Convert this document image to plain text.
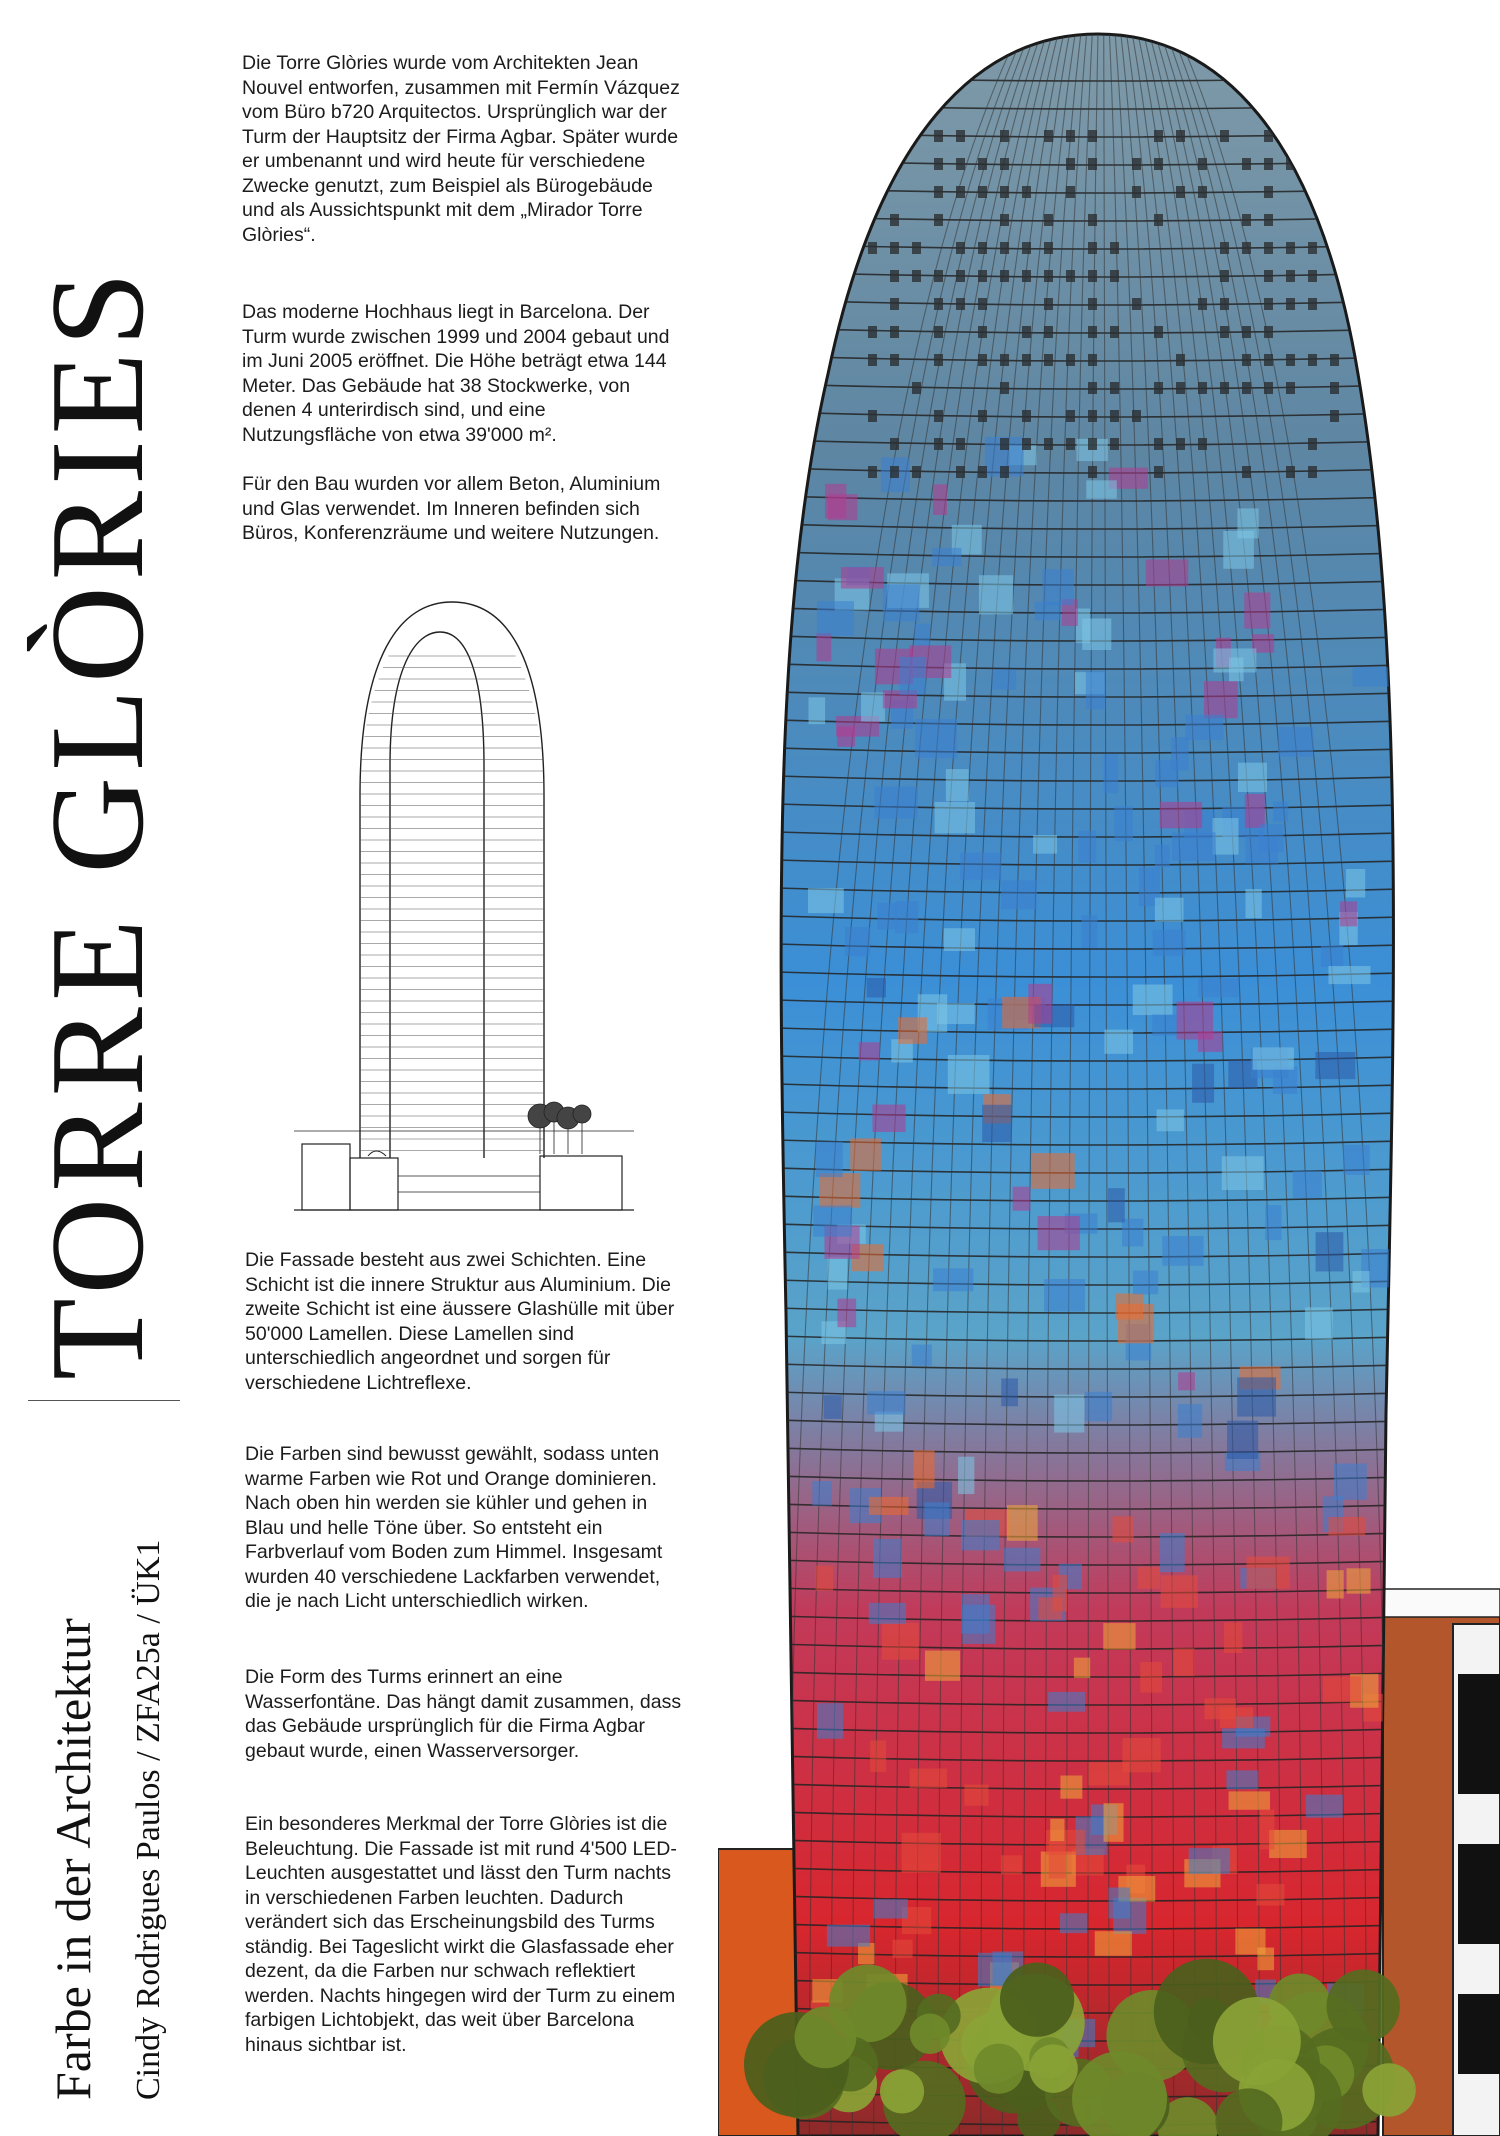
TORRE GLÒRIES
Farbe in der Architektur Cindy Rodrigues Paulos / ZFA25a / ÜK1

Die Torre Glòries wurde vom Architekten Jean Nouvel entworfen, zusammen mit Fermín Vázquez vom Büro b720 Arquitectos. Ursprünglich war der Turm der Hauptsitz der Firma Agbar. Später wurde er umbenannt und wird heute für verschiedene Zwecke genutzt, zum Beispiel als Bürogebäude und als Aussichtspunkt mit dem „Mirador Torre Glòries“.

Das moderne Hochhaus liegt in Barcelona. Der Turm wurde zwischen 1999 und 2004 gebaut und im Juni 2005 eröffnet. Die Höhe beträgt etwa 144 Meter. Das Gebäude hat 38 Stockwerke, von denen 4 unterirdisch sind, und eine Nutzungsfläche von etwa 39'000 m².

Für den Bau wurden vor allem Beton, Aluminium und Glas verwendet. Im Inneren befinden sich Büros, Konferenzräume und weitere Nutzungen.

Die Fassade besteht aus zwei Schichten. Eine Schicht ist die innere Struktur aus Aluminium. Die zweite Schicht ist eine äussere Glashülle mit über 50'000 Lamellen. Diese Lamellen sind unterschiedlich angeordnet und sorgen für verschiedene Lichtreflexe.

Die Farben sind bewusst gewählt, sodass unten warme Farben wie Rot und Orange dominieren. Nach oben hin werden sie kühler und gehen in Blau und helle Töne über. So entsteht ein Farbverlauf vom Boden zum Himmel. Insgesamt wurden 40 verschiedene Lackfarben verwendet, die je nach Licht unterschiedlich wirken.

Die Form des Turms erinnert an eine Wasserfontäne. Das hängt damit zusammen, dass das Gebäude ursprünglich für die Firma Agbar gebaut wurde, einen Wasserversorger.

Ein besonderes Merkmal der Torre Glòries ist die Beleuchtung. Die Fassade ist mit rund 4'500 LED-Leuchten ausgestattet und lässt den Turm nachts in verschiedenen Farben leuchten. Dadurch verändert sich das Erscheinungsbild des Turms ständig. Bei Tageslicht wirkt die Glasfassade eher dezent, da die Farben nur schwach reflektiert werden. Nachts hingegen wird der Turm zu einem farbigen Lichtobjekt, das weit über Barcelona hinaus sichtbar ist.
